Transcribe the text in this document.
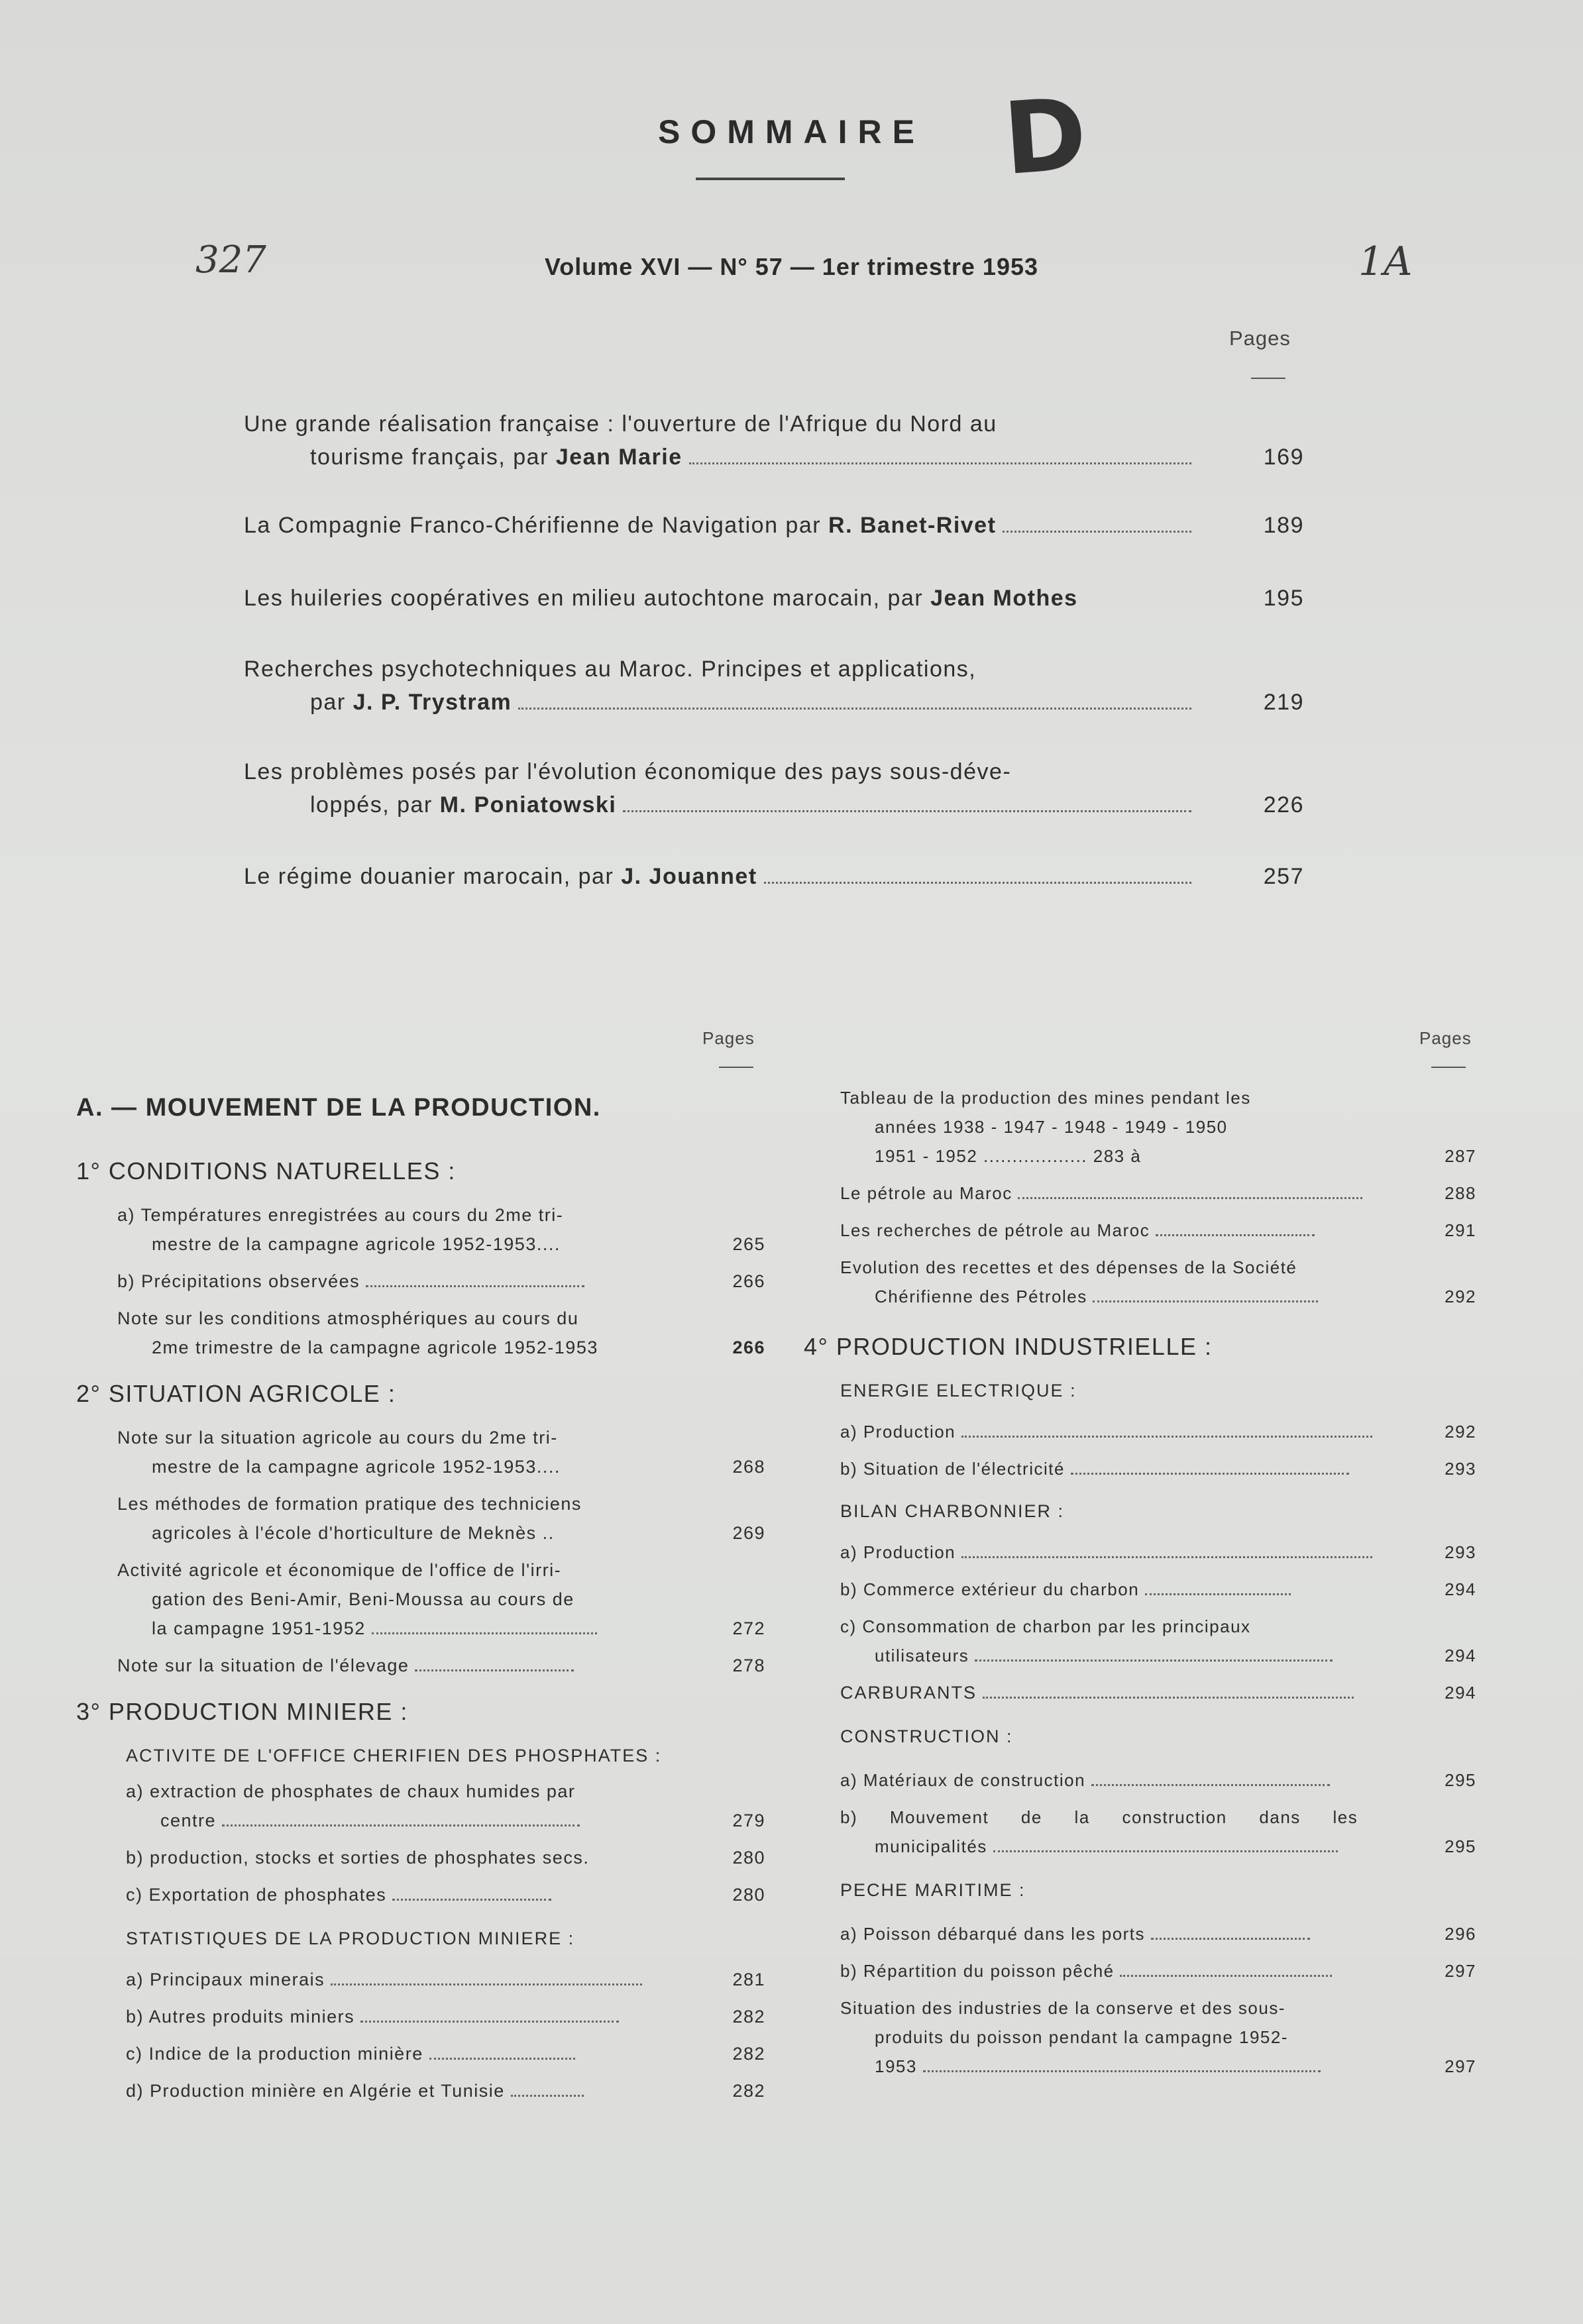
SOMMAIRE D
327	1A
Volume XVI — N° 57 — 1er trimestre 1953
Pages
Une grande réalisation française : l'ouverture de l'Afrique du Nord au
tourisme français, par Jean Marie	169
La Compagnie Franco-Chérifienne de Navigation par R. Banet-Rivet	189
Les huileries coopératives en milieu autochtone marocain, par Jean Mothes	195
Recherches psychotechniques au Maroc. Principes et applications,
par J. P. Trystram	219
Les problèmes posés par l'évolution économique des pays sous-déve-
loppés, par M. Poniatowski	226
Le régime douanier marocain, par J. Jouannet	257
Pages
A. — MOUVEMENT DE LA PRODUCTION.
1° CONDITIONS NATURELLES :
a) Températures enregistrées au cours du 2me tri-
mestre de la campagne agricole 1952-1953....	265
b) Précipitations observées	266
Note sur les conditions atmosphériques au cours du
2me trimestre de la campagne agricole 1952-1953	266
2° SITUATION AGRICOLE :
Note sur la situation agricole au cours du 2me tri-
mestre de la campagne agricole 1952-1953....	268
Les méthodes de formation pratique des techniciens
agricoles à l'école d'horticulture de Meknès ..	269
Activité agricole et économique de l'office de l'irri-
gation des Beni-Amir, Beni-Moussa au cours de
la campagne 1951-1952	272
Note sur la situation de l'élevage	278
3° PRODUCTION MINIERE :
ACTIVITE DE L'OFFICE CHERIFIEN DES PHOSPHATES :
a) extraction de phosphates de chaux humides par
centre	279
b) production, stocks et sorties de phosphates secs.	280
c) Exportation de phosphates	280
STATISTIQUES DE LA PRODUCTION MINIERE :
a) Principaux minerais	281
b) Autres produits miniers	282
c) Indice de la production minière	282
d) Production minière en Algérie et Tunisie	282
Pages
Tableau de la production des mines pendant les
années 1938 - 1947 - 1948 - 1949 - 1950
1951 - 1952 .................. 283 à	287
Le pétrole au Maroc	288
Les recherches de pétrole au Maroc	291
Evolution des recettes et des dépenses de la Société
Chérifienne des Pétroles	292
4° PRODUCTION INDUSTRIELLE :
ENERGIE ELECTRIQUE :
a) Production	292
b) Situation de l'électricité	293
BILAN CHARBONNIER :
a) Production	293
b) Commerce extérieur du charbon	294
c) Consommation de charbon par les principaux
utilisateurs	294
CARBURANTS	294
CONSTRUCTION :
a) Matériaux de construction	295
b) Mouvement de la construction dans les
municipalités	295
PECHE MARITIME :
a) Poisson débarqué dans les ports	296
b) Répartition du poisson pêché	297
Situation des industries de la conserve et des sous-
produits du poisson pendant la campagne 1952-
1953	297
